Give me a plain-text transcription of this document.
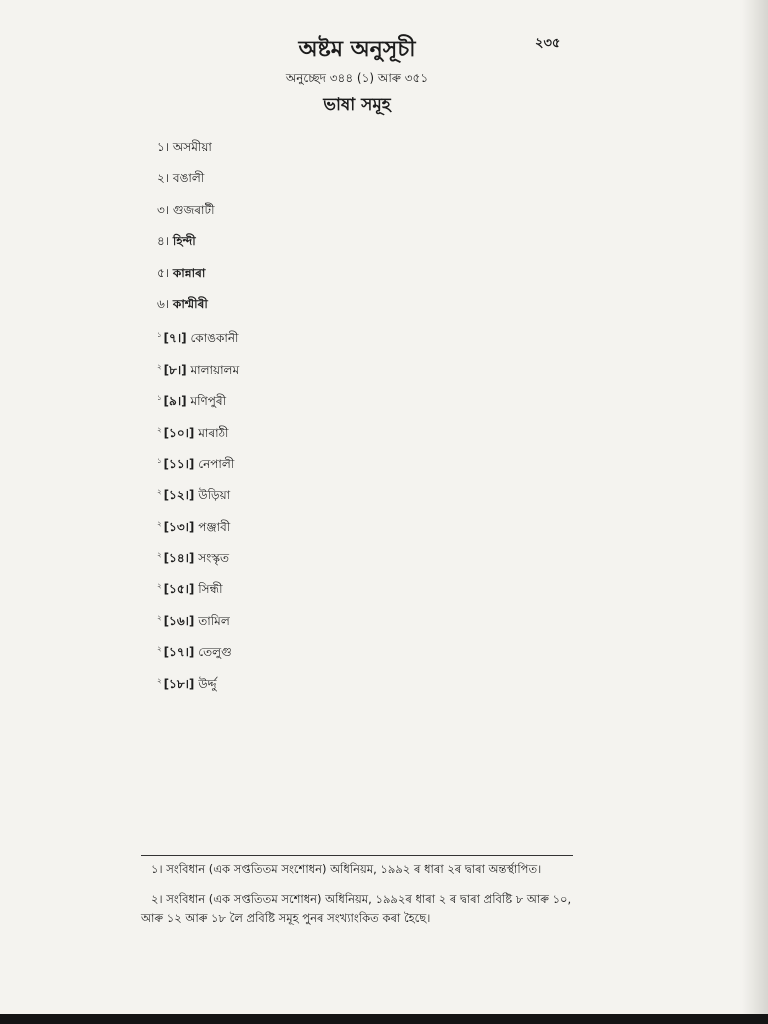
২৩৫
অষ্টম অনুসূচী
অনুচ্ছেদ ৩৪৪ (১) আৰু ৩৫১
ভাষা সমূহ
১। অসমীয়া
২। বঙালী
৩। গুজৰাটী
৪। হিন্দী
৫। কান্নাৰা
৬। কাশ্মীৰী
$^১$ [৭।] কোঙকানী
$^২$ [৮।] মালায়ালম
$^১$ [৯।] মণিপুৰী
$^২$ [১০।] মাৰাঠী
$^১$ [১১।] নেপালী
$^২$ [১২।] উড়িয়া
$^২$ [১৩।] পঞ্জাবী
$^২$ [১৪।] সংস্কৃত
$^২$ [১৫।] সিন্ধী
$^২$ [১৬।] তামিল
$^২$ [১৭।] তেলুগু
$^২$ [১৮।] উৰ্দ্দু
১। সংবিধান (এক সপ্ততিতম সংশোধন) অধিনিয়ম, ১৯৯২ ৰ ধাৰা ২ৰ দ্বাৰা অন্তৰ্স্থাপিত।
২। সংবিধান (এক সপ্ততিতম সশোধন) অধিনিয়ম, ১৯৯২ৰ ধাৰা ২ ৰ দ্বাৰা প্ৰবিষ্টি ৮ আৰু ১০, আৰু ১২ আৰু ১৮ লৈ প্ৰবিষ্টি সমূহ পুনৰ সংখ্যাংকিত কৰা হৈছে।
